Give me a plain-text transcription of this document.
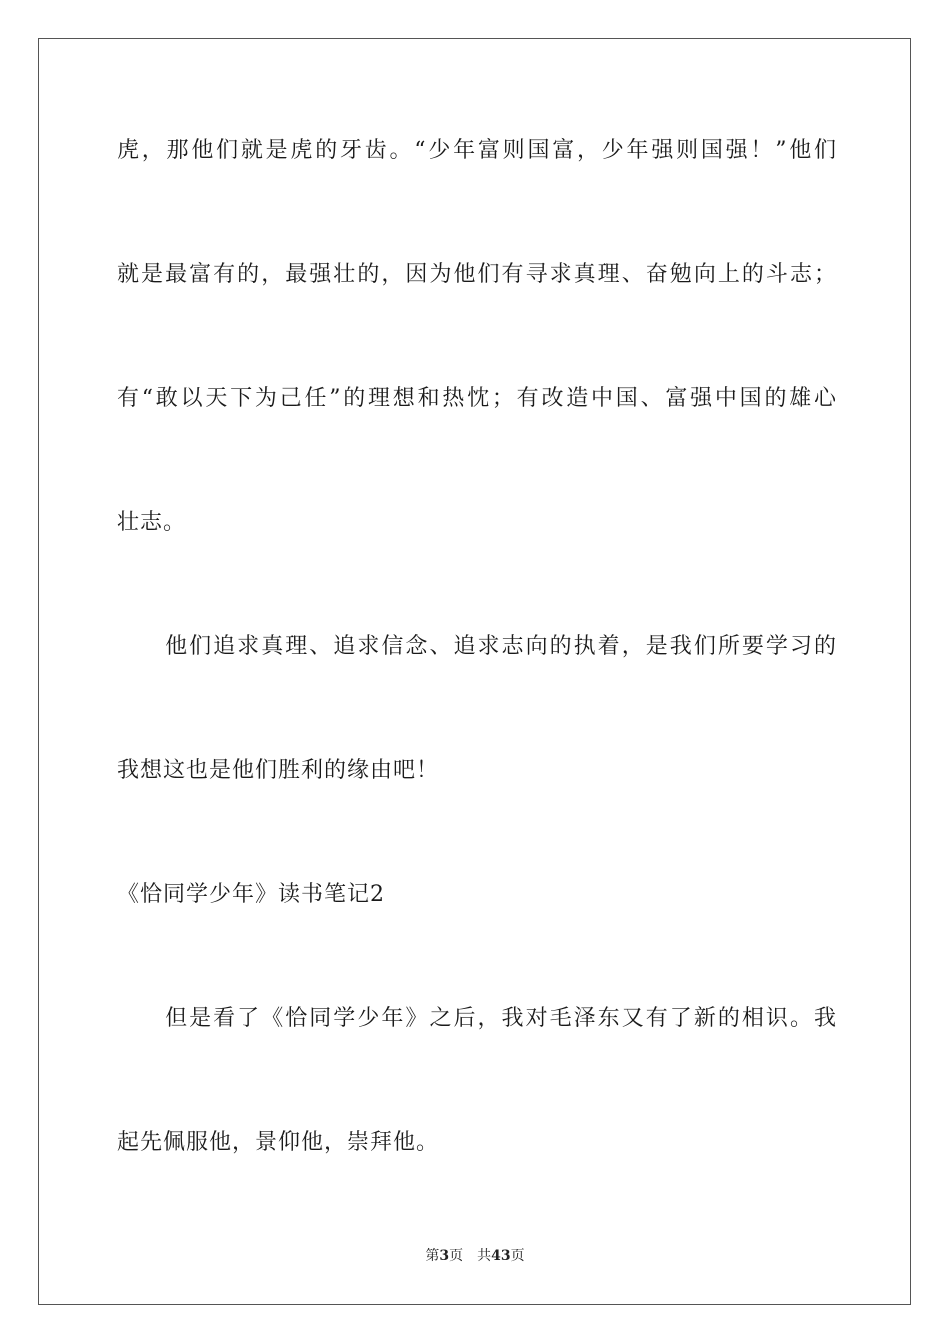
虎，那他们就是虎的牙齿。“少年富则国富，少年强则国强！”他们
就是最富有的，最强壮的，因为他们有寻求真理、奋勉向上的斗志；
有“敢以天下为己任”的理想和热忱；有改造中国、富强中国的雄心
壮志。
　　他们追求真理、追求信念、追求志向的执着，是我们所要学习的
我想这也是他们胜利的缘由吧！
《恰同学少年》读书笔记2
　　但是看了《恰同学少年》之后，我对毛泽东又有了新的相识。我
起先佩服他，景仰他，崇拜他。
第3页 共43页
